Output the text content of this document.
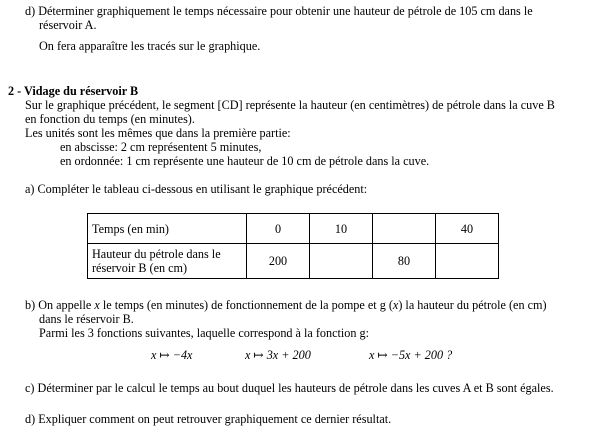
d) Déterminer graphiquement le temps nécessaire pour obtenir une hauteur de pétrole de 105 cm dans le
réservoir A.
On fera apparaître les tracés sur le graphique.
2 - Vidage du réservoir B
Sur le graphique précédent, le segment [CD] représente la hauteur (en centimètres) de pétrole dans la cuve B
en fonction du temps (en minutes).
Les unités sont les mêmes que dans la première partie:
en abscisse: 2 cm représentent 5 minutes,
en ordonnée: 1 cm représente une hauteur de 10 cm de pétrole dans la cuve.
a) Compléter le tableau ci-dessous en utilisant le graphique précédent:
Temps (en min)	0	10		40

Hauteur du pétrole dans le
réservoir B (en cm)	200		80	
b) On appelle x le temps (en minutes) de fonctionnement de la pompe et g (x) la hauteur du pétrole (en cm)
dans le réservoir B.
Parmi les 3 fonctions suivantes, laquelle correspond à la fonction g:
x ↦ −4x	x ↦ 3x + 200	x ↦ −5x + 200 ?
c) Déterminer par le calcul le temps au bout duquel les hauteurs de pétrole dans les cuves A et B sont égales.
d) Expliquer comment on peut retrouver graphiquement ce dernier résultat.
